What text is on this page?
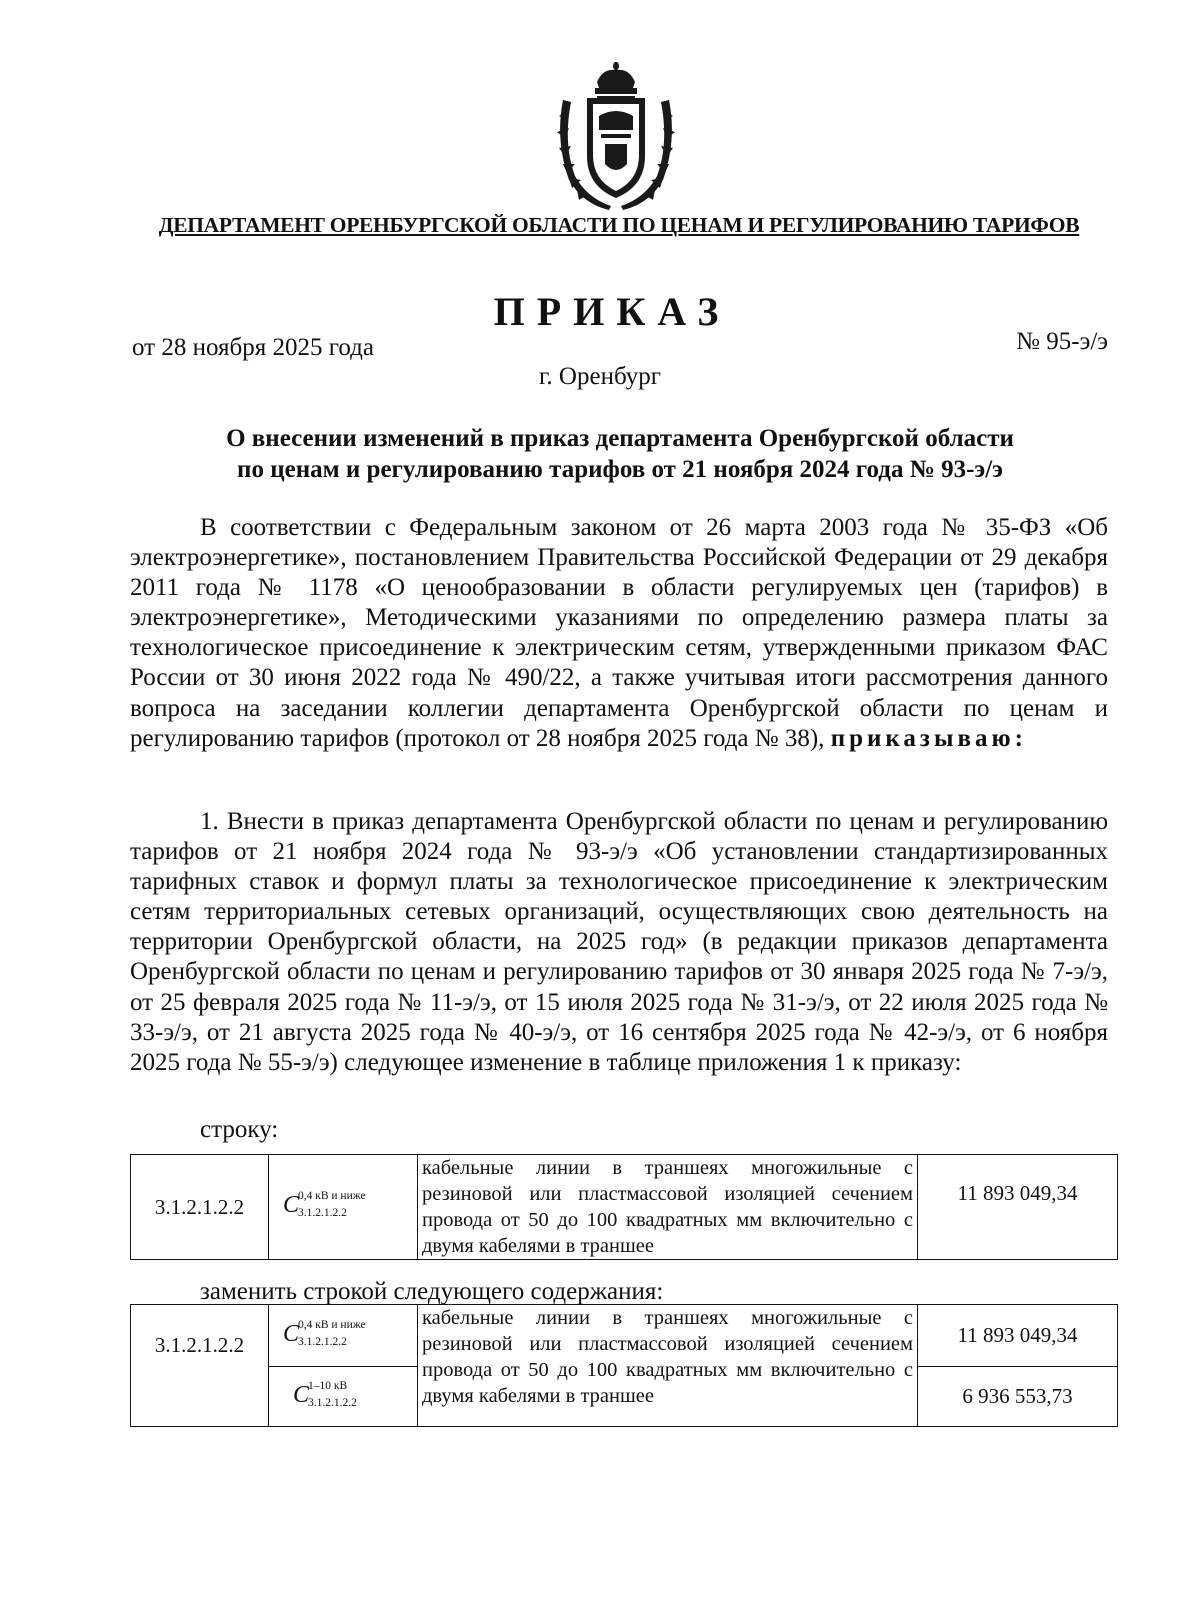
ДЕПАРТАМЕНТ ОРЕНБУРГСКОЙ ОБЛАСТИ ПО ЦЕНАМ И РЕГУЛИРОВАНИЮ ТАРИФОВ
ПРИКАЗ
от 28 ноября 2025 года	№ 95-э/э
г. Оренбург
О внесении изменений в приказ департамента Оренбургской области
по ценам и регулированию тарифов от 21 ноября 2024 года № 93-э/э

В соответствии с Федеральным законом от 26 марта 2003 года № 35-ФЗ «Об электроэнергетике», постановлением Правительства Российской Федерации от 29 декабря 2011 года № 1178 «О ценообразовании в области регулируемых цен (тарифов) в электроэнергетике», Методическими указаниями по определению размера платы за технологическое присоединение к электрическим сетям, утвержденными приказом ФАС России от 30 июня 2022 года № 490/22, а также учитывая итоги рассмотрения данного вопроса на заседании коллегии департамента Оренбургской области по ценам и регулированию тарифов (протокол от 28 ноября 2025 года № 38), приказываю:

1. Внести в приказ департамента Оренбургской области по ценам и регулированию тарифов от 21 ноября 2024 года № 93-э/э «Об установлении стандартизированных тарифных ставок и формул платы за технологическое присоединение к электрическим сетям территориальных сетевых организаций, осуществляющих свою деятельность на территории Оренбургской области, на 2025 год» (в редакции приказов департамента Оренбургской области по ценам и регулированию тарифов от 30 января 2025 года № 7-э/э, от 25 февраля 2025 года № 11-э/э, от 15 июля 2025 года № 31-э/э, от 22 июля 2025 года № 33-э/э, от 21 августа 2025 года № 40-э/э, от 16 сентября 2025 года № 42-э/э, от 6 ноября 2025 года № 55-э/э) следующее изменение в таблице приложения 1 к приказу:

строку:
3.1.2.1.2.2	C
0,4 кВ и ниже
3.1.2.1.2.2
	кабельные линии в траншеях многожильные с резиновой или пластмассовой изоляцией сечением провода от 50 до 100 квадратных мм включительно с двумя кабелями в траншее	11 893 049,34
заменить строкой следующего содержания:
3.1.2.1.2.2	C
0,4 кВ и ниже
3.1.2.1.2.2	кабельные линии в траншеях многожильные с резиновой или пластмассовой изоляцией сечением провода от 50 до 100 квадратных мм включительно с двумя кабелями в траншее	11 893 049,34
	C
1–10 кВ
3.1.2.1.2.2		6 936 553,73
